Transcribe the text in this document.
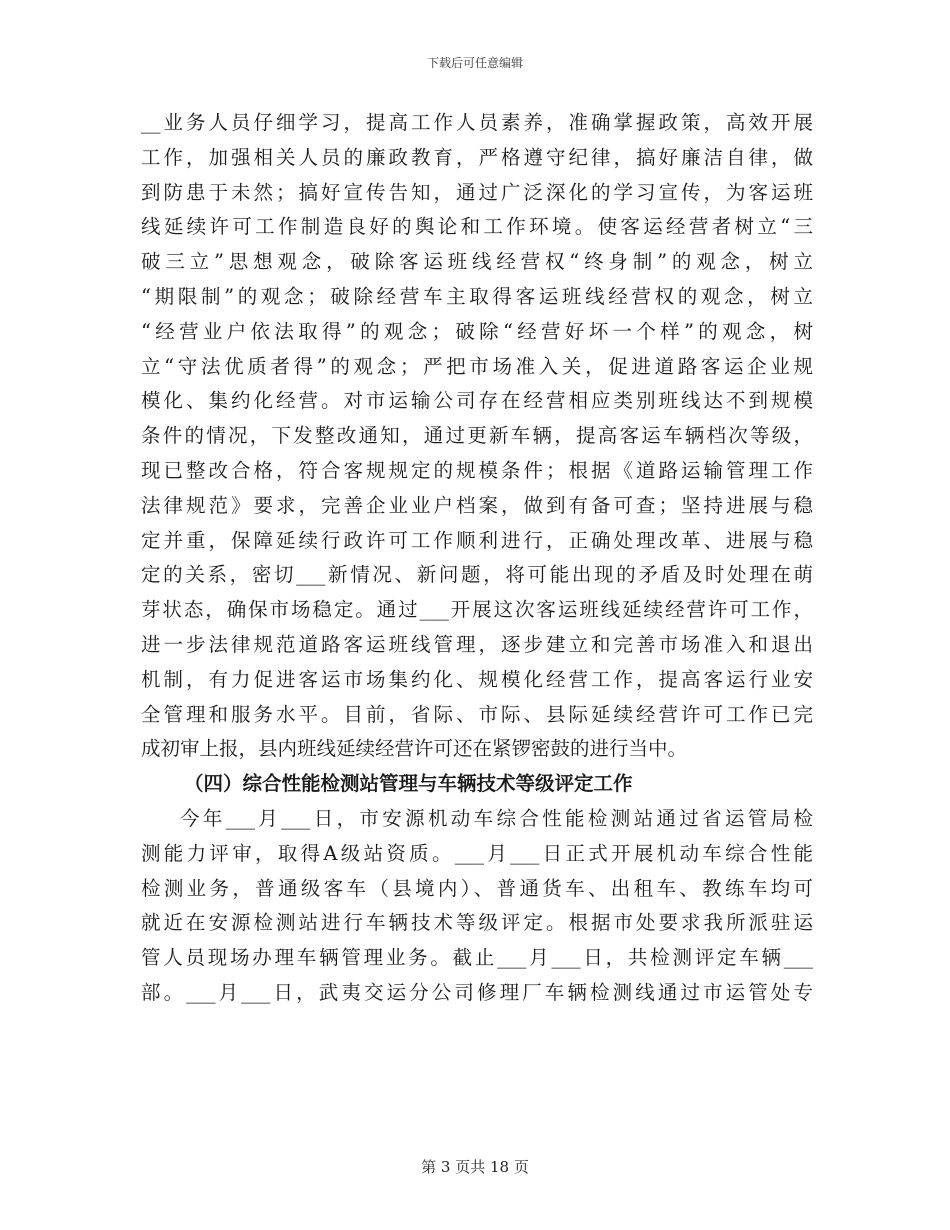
下载后可任意编辑
__业务人员仔细学习，提高工作人员素养，准确掌握政策，高效开展
工作，加强相关人员的廉政教育，严格遵守纪律，搞好廉洁自律，做
到防患于未然；搞好宣传告知，通过广泛深化的学习宣传，为客运班
线延续许可工作制造良好的舆论和工作环境。使客运经营者树立“三
破三立”思想观念，破除客运班线经营权“终身制”的观念，树立
“期限制”的观念；破除经营车主取得客运班线经营权的观念，树立
“经营业户依法取得”的观念；破除“经营好坏一个样”的观念，树
立“守法优质者得”的观念；严把市场准入关，促进道路客运企业规
模化、集约化经营。对市运输公司存在经营相应类别班线达不到规模
条件的情况，下发整改通知，通过更新车辆，提高客运车辆档次等级，
现已整改合格，符合客规规定的规模条件；根据《道路运输管理工作
法律规范》要求，完善企业业户档案，做到有备可查；坚持进展与稳
定并重，保障延续行政许可工作顺利进行，正确处理改革、进展与稳
定的关系，密切___新情况、新问题，将可能出现的矛盾及时处理在萌
芽状态，确保市场稳定。通过___开展这次客运班线延续经营许可工作，
进一步法律规范道路客运班线管理，逐步建立和完善市场准入和退出
机制，有力促进客运市场集约化、规模化经营工作，提高客运行业安
全管理和服务水平。目前，省际、市际、县际延续经营许可工作已完
成初审上报，县内班线延续经营许可还在紧锣密鼓的进行当中。
（四）综合性能检测站管理与车辆技术等级评定工作
今年___月___日，市安源机动车综合性能检测站通过省运管局检
测能力评审，取得A级站资质。___月___日正式开展机动车综合性能
检测业务，普通级客车（县境内）、普通货车、出租车、教练车均可
就近在安源检测站进行车辆技术等级评定。根据市处要求我所派驻运
管人员现场办理车辆管理业务。截止___月___日，共检测评定车辆___
部。___月___日，武夷交运分公司修理厂车辆检测线通过市运管处专
第 3 页共 18 页
